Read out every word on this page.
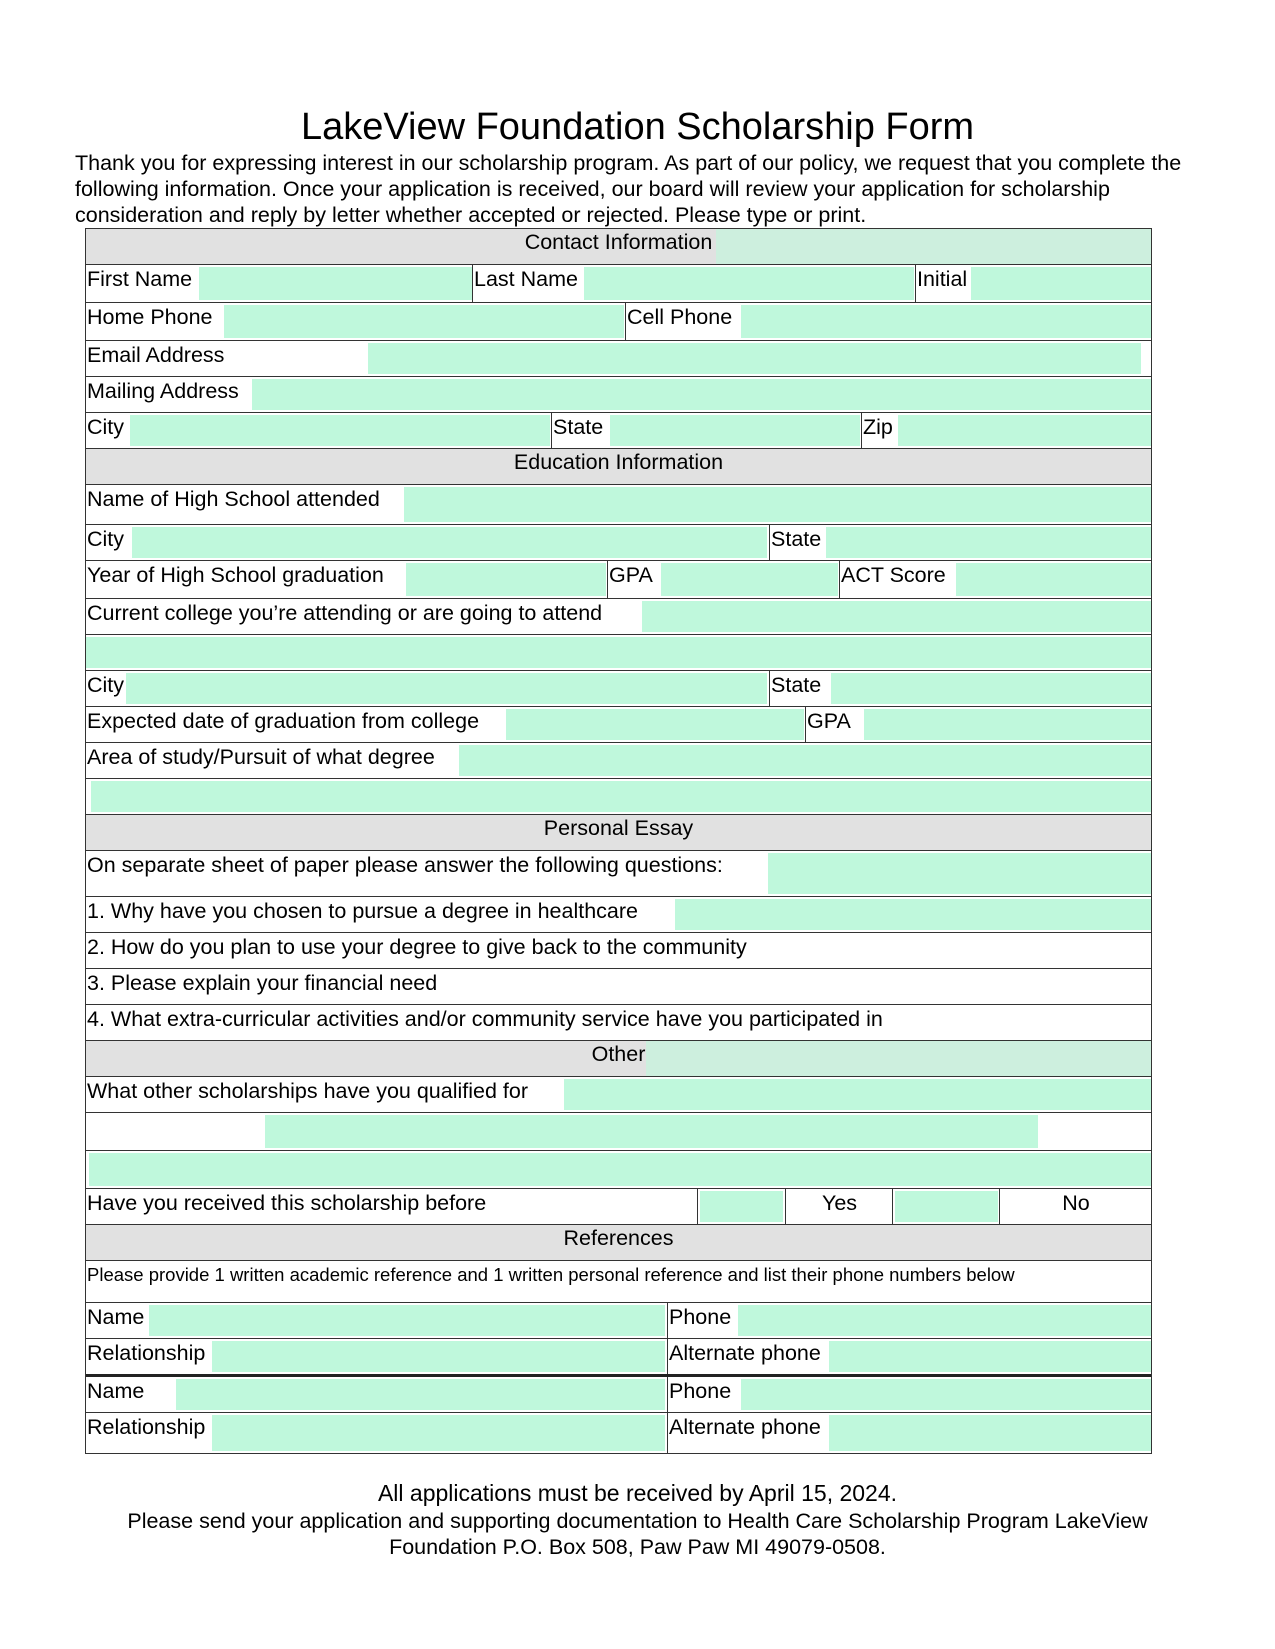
LakeView Foundation Scholarship Form
Thank you for expressing interest in our scholarship program. As part of our policy, we request that you complete the following information. Once your application is received, our board will review your application for scholarship consideration and reply by letter whether accepted or rejected. Please type or print.
Contact Information
First Name	Last Name	Initial
Home Phone	Cell Phone
Email Address
Mailing Address
City	State	Zip
Education Information
Name of High School attended
City	State
Year of High School graduation	GPA	ACT Score
Current college you’re attending or are going to attend
City	State
Expected date of graduation from college	GPA
Area of study/Pursuit of what degree
Personal Essay
On separate sheet of paper please answer the following questions:
1. Why have you chosen to pursue a degree in healthcare
2. How do you plan to use your degree to give back to the community
3. Please explain your financial need
4. What extra-curricular activities and/or community service have you participated in
Other
What other scholarships have you qualified for
Have you received this scholarship before	Yes	No
References
Please provide 1 written academic reference and 1 written personal reference and list their phone numbers below
Name	Phone
Relationship	Alternate phone
Name	Phone
Relationship	Alternate phone
All applications must be received by April 15, 2024.
Please send your application and supporting documentation to Health Care Scholarship Program LakeView Foundation P.O. Box 508, Paw Paw MI 49079-0508.
